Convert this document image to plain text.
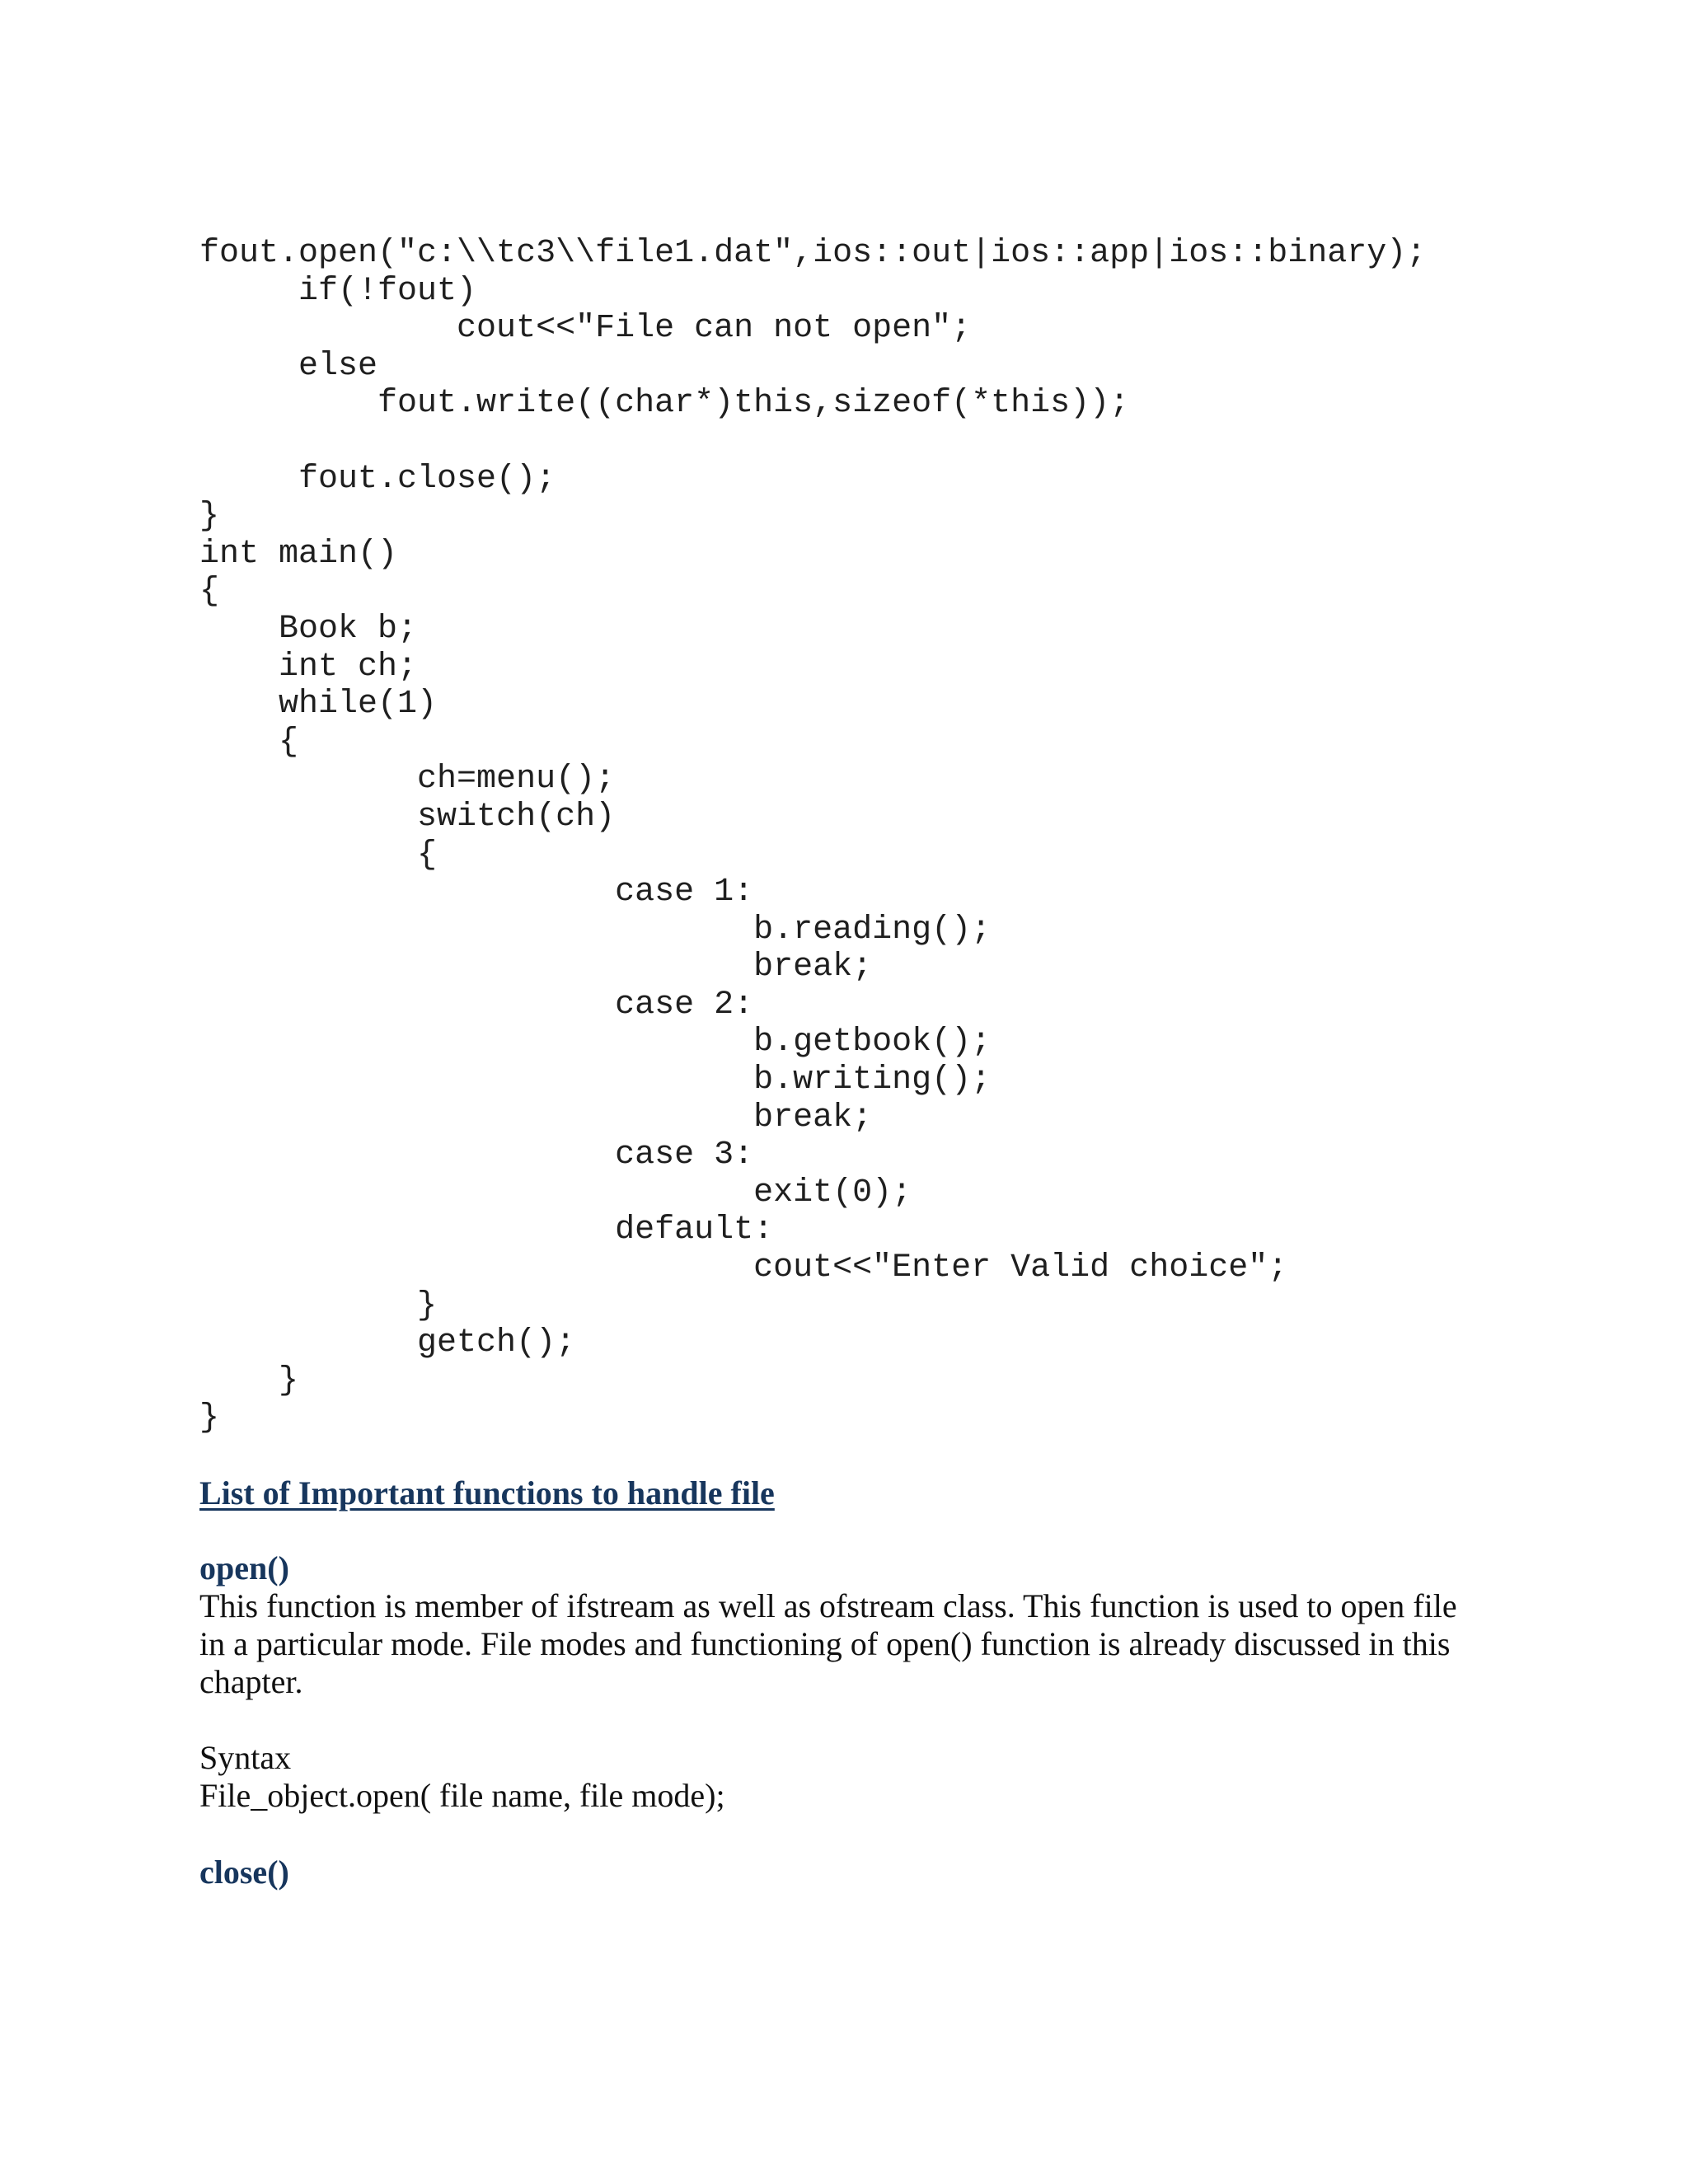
fout.open("c:\\tc3\\file1.dat",ios::out|ios::app|ios::binary);
if(!fout)
cout<<"File can not open";
else
fout.write((char*)this,sizeof(*this));
fout.close();
}
int main()
{
Book b;
int ch;
while(1)
{
ch=menu();
switch(ch)
{
case 1:
b.reading();
break;
case 2:
b.getbook();
b.writing();
break;
case 3:
exit(0);
default:
cout<<"Enter Valid choice";
}
getch();
}
}
List of Important functions to handle file
open()
This function is member of ifstream as well as ofstream class. This function is used to open file in a particular mode. File modes and functioning of open() function is already discussed in this chapter.
Syntax
File_object.open( file name, file mode);
close()
